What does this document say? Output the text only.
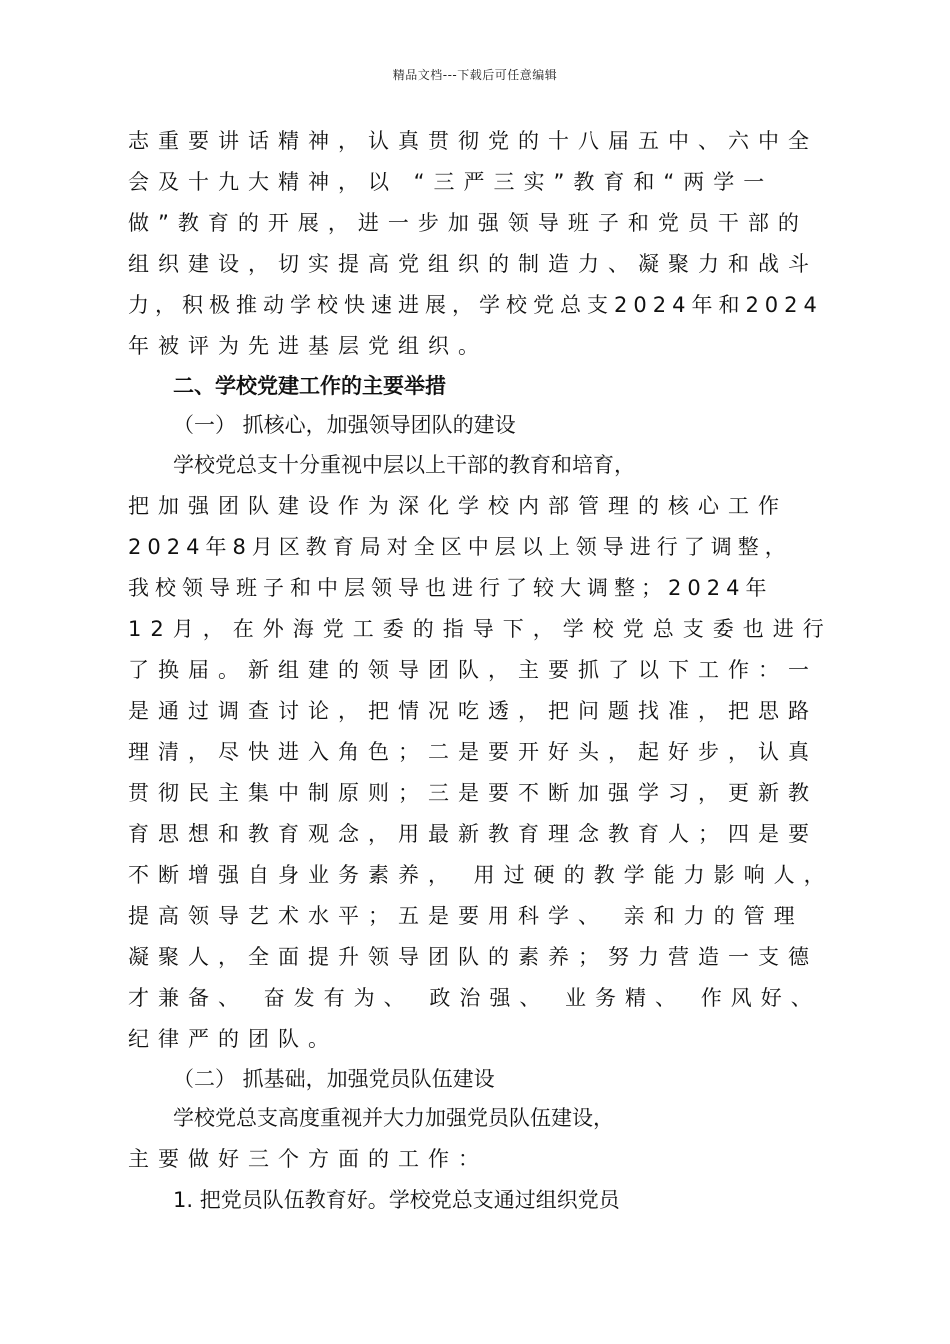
精品文档---下载后可任意编辑
志重要讲话精神，认真贯彻党的十八届五中、六中全
会及十九大精神，以 “三严三实”教育和“两学一
做”教育的开展，进一步加强领导班子和党员干部的
组织建设，切实提高党组织的制造力、凝聚力和战斗
力，积极推动学校快速进展，学校党总支2024年和2024
年被评为先进基层党组织。
二、学校党建工作的主要举措
（一） 抓核心，加强领导团队的建设
学校党总支十分重视中层以上干部的教育和培育，
把加强团队建设作为深化学校内部管理的核心工作
2024年8月区教育局对全区中层以上领导进行了调整，
我校领导班子和中层领导也进行了较大调整；2024年
12月，在外海党工委的指导下，学校党总支委也进行
了换届。新组建的领导团队，主要抓了以下工作：一
是通过调查讨论，把情况吃透，把问题找准，把思路
理清，尽快进入角色；二是要开好头，起好步，认真
贯彻民主集中制原则；三是要不断加强学习，更新教
育思想和教育观念，用最新教育理念教育人；四是要
不断增强自身业务素养， 用过硬的教学能力影响人，
提高领导艺术水平；五是要用科学、 亲和力的管理
凝聚人，全面提升领导团队的素养；努力营造一支德
才兼备、 奋发有为、 政治强、 业务精、 作风好、
纪律严的团队。
（二） 抓基础，加强党员队伍建设
学校党总支高度重视并大力加强党员队伍建设，
主要做好三个方面的工作：
1. 把党员队伍教育好。学校党总支通过组织党员
